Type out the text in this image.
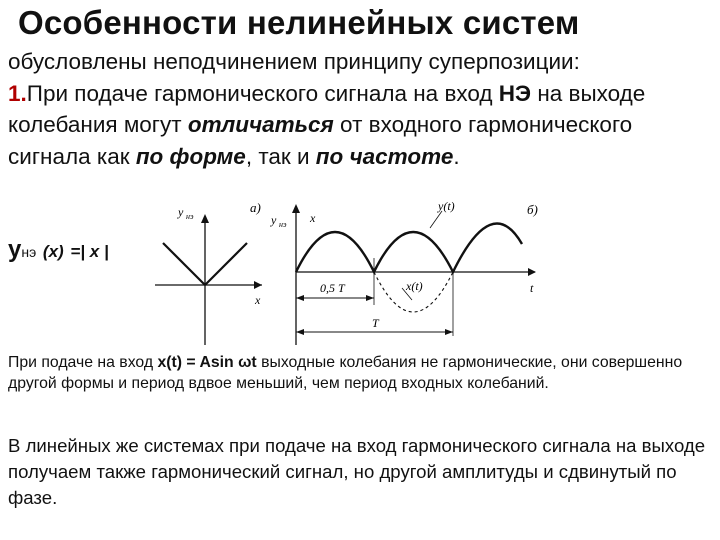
Особенности нелинейных систем
обусловлены неподчинением принципу суперпозиции:
1.При подаче гармонического сигнала на вход НЭ на выходе колебания могут отличаться от входного гармонического сигнала как по форме, так и по частоте.
yнэ (x) =| x |
y нэ
а)
x
y нэ x
y(t)	б)
t
0,5 T	x(t)
T
При подаче на вход x(t) = Asin ωt выходные колебания не гармонические, они совершенно другой формы и период вдвое меньший, чем период входных колебаний.
В линейных же системах при подаче на вход гармонического сигнала на выходе получаем также гармонический сигнал, но другой амплитуды и сдвинутый по фазе.
